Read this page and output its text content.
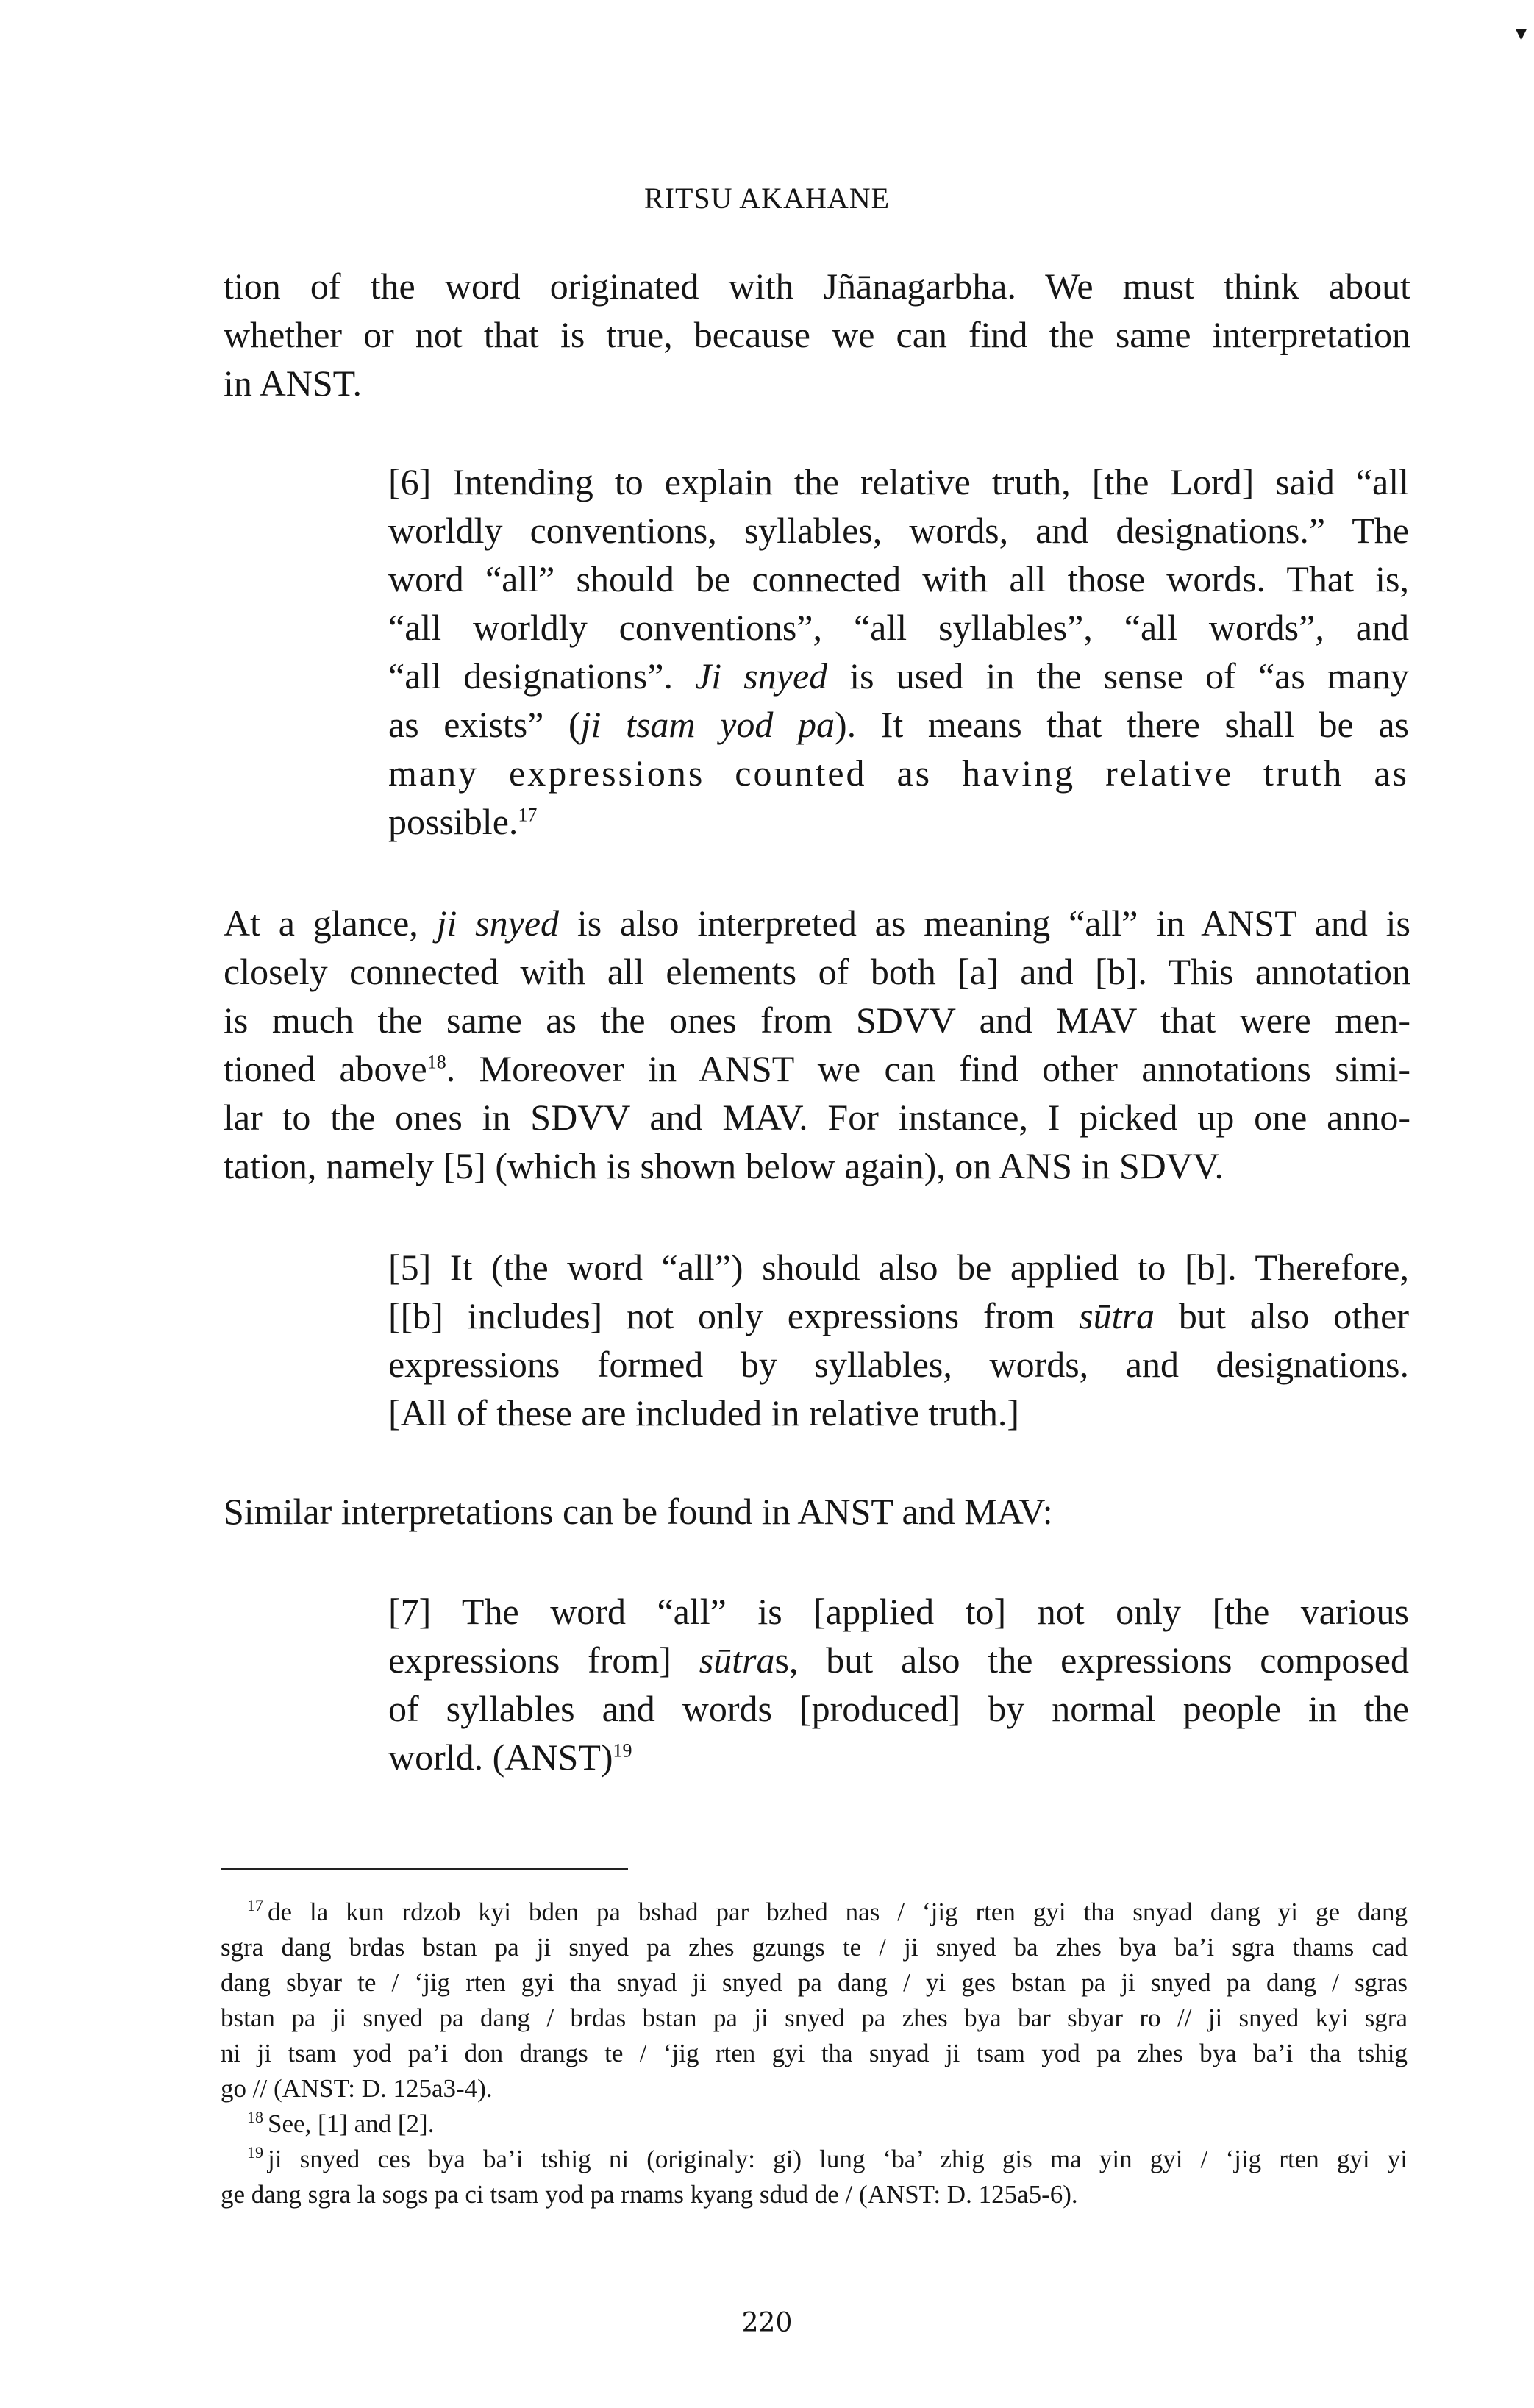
▾
RITSU AKAHANE
tion of the word originated with Jñānagarbha. We must think about
whether or not that is true, because we can find the same interpretation
in ANST.
[6] Intending to explain the relative truth, [the Lord] said “all
worldly conventions, syllables, words, and designations.” The
word “all” should be connected with all those words. That is,
“all worldly conventions”, “all syllables”, “all words”, and
“all designations”. Ji snyed is used in the sense of “as many
as exists” (ji tsam yod pa). It means that there shall be as
many expressions counted as having relative truth as
possible.$^{17}$
At a glance, ji snyed is also interpreted as meaning “all” in ANST and is
closely connected with all elements of both [a] and [b]. This annotation
is much the same as the ones from SDVV and MAV that were men-
tioned above$^{18}$. Moreover in ANST we can find other annotations simi-
lar to the ones in SDVV and MAV. For instance, I picked up one anno-
tation, namely [5] (which is shown below again), on ANS in SDVV.
[5] It (the word “all”) should also be applied to [b]. Therefore,
[[b] includes] not only expressions from sūtra but also other
expressions formed by syllables, words, and designations.
[All of these are included in relative truth.]
Similar interpretations can be found in ANST and MAV:
[7] The word “all” is [applied to] not only [the various
expressions from] sūtras, but also the expressions composed
of syllables and words [produced] by normal people in the
world. (ANST)$^{19}$
$^{17}$ de la kun rdzob kyi bden pa bshad par bzhed nas / ‘jig rten gyi tha snyad dang yi ge dang
sgra dang brdas bstan pa ji snyed pa zhes gzungs te / ji snyed ba zhes bya ba’i sgra thams cad
dang sbyar te / ‘jig rten gyi tha snyad ji snyed pa dang / yi ges bstan pa ji snyed pa dang / sgras
bstan pa ji snyed pa dang / brdas bstan pa ji snyed pa zhes bya bar sbyar ro // ji snyed kyi sgra
ni ji tsam yod pa’i don drangs te / ‘jig rten gyi tha snyad ji tsam yod pa zhes bya ba’i tha tshig
go // (ANST: D. 125a3-4).
$^{18}$ See, [1] and [2].
$^{19}$ ji snyed ces bya ba’i tshig ni (originaly: gi) lung ‘ba’ zhig gis ma yin gyi / ‘jig rten gyi yi
ge dang sgra la sogs pa ci tsam yod pa rnams kyang sdud de / (ANST: D. 125a5-6).
220
